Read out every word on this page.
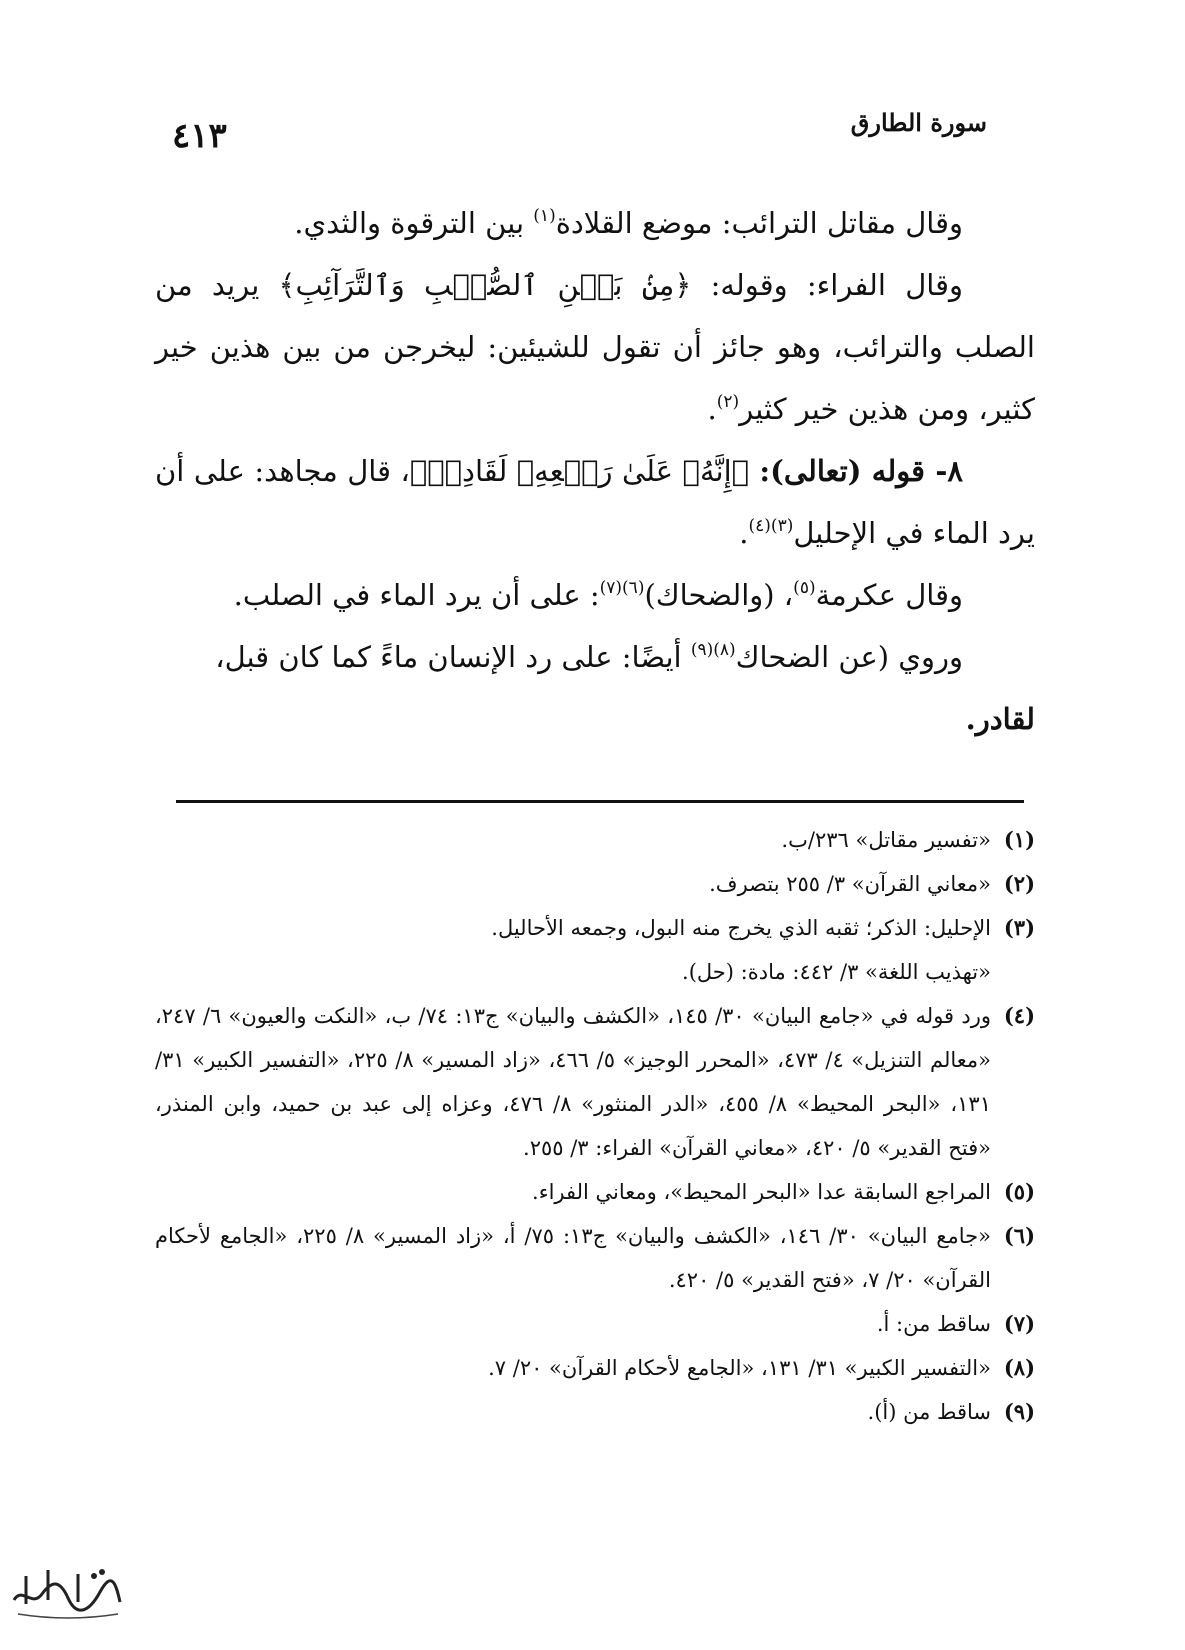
٤١٣	سورة الطارق

وقال مقاتل الترائب: موضع القلادة$^{(١)}$ بين الترقوة والثدي.

وقال الفراء: وقوله: ﴿مِنۢ بَيۡنِ ٱلصُّلۡبِ وَٱلتَّرَآئِبِ﴾ يريد من الصلب والترائب، وهو جائز أن تقول للشيئين: ليخرجن من بين هذين خير كثير، ومن هذين خير كثير$^{(٢)}$.

٨- قوله (تعالى): ﴿إِنَّهُۥ عَلَىٰ رَجۡعِهِۦ لَقَادِرٞ﴾، قال مجاهد: على أن يرد الماء في الإحليل$^{(٣)(٤)}$.

وقال عكرمة$^{(٥)}$، (والضحاك)$^{(٦)(٧)}$: على أن يرد الماء في الصلب.

وروي (عن الضحاك$^{(٨)(٩)}$ أيضًا: على رد الإنسان ماءً كما كان قبل،

لقادر.

(١)
«تفسير مقاتل» ٢٣٦/ب.
(٢)
«معاني القرآن» ٣/ ٢٥٥ بتصرف.
(٣)
الإحليل: الذكر؛ ثقبه الذي يخرج منه البول، وجمعه الأحاليل.
«تهذيب اللغة» ٣/ ٤٤٢: مادة: (حل).
(٤)
ورد قوله في «جامع البيان» ٣٠/ ١٤٥، «الكشف والبيان» ج١٣: ٧٤/ ب، «النكت والعيون» ٦/ ٢٤٧، «معالم التنزيل» ٤/ ٤٧٣، «المحرر الوجيز» ٥/ ٤٦٦، «زاد المسير» ٨/ ٢٢٥، «التفسير الكبير» ٣١/ ١٣١، «البحر المحيط» ٨/ ٤٥٥، «الدر المنثور» ٨/ ٤٧٦، وعزاه إلى عبد بن حميد، وابن المنذر، «فتح القدير» ٥/ ٤٢٠، «معاني القرآن» الفراء: ٣/ ٢٥٥.
(٥)
المراجع السابقة عدا «البحر المحيط»، ومعاني الفراء.
(٦)
«جامع البيان» ٣٠/ ١٤٦، «الكشف والبيان» ج١٣: ٧٥/ أ، «زاد المسير» ٨/ ٢٢٥، «الجامع لأحكام القرآن» ٢٠/ ٧، «فتح القدير» ٥/ ٤٢٠.
(٧)
ساقط من: أ.
(٨)
«التفسير الكبير» ٣١/ ١٣١، «الجامع لأحكام القرآن» ٢٠/ ٧.
(٩)
ساقط من (أ).
